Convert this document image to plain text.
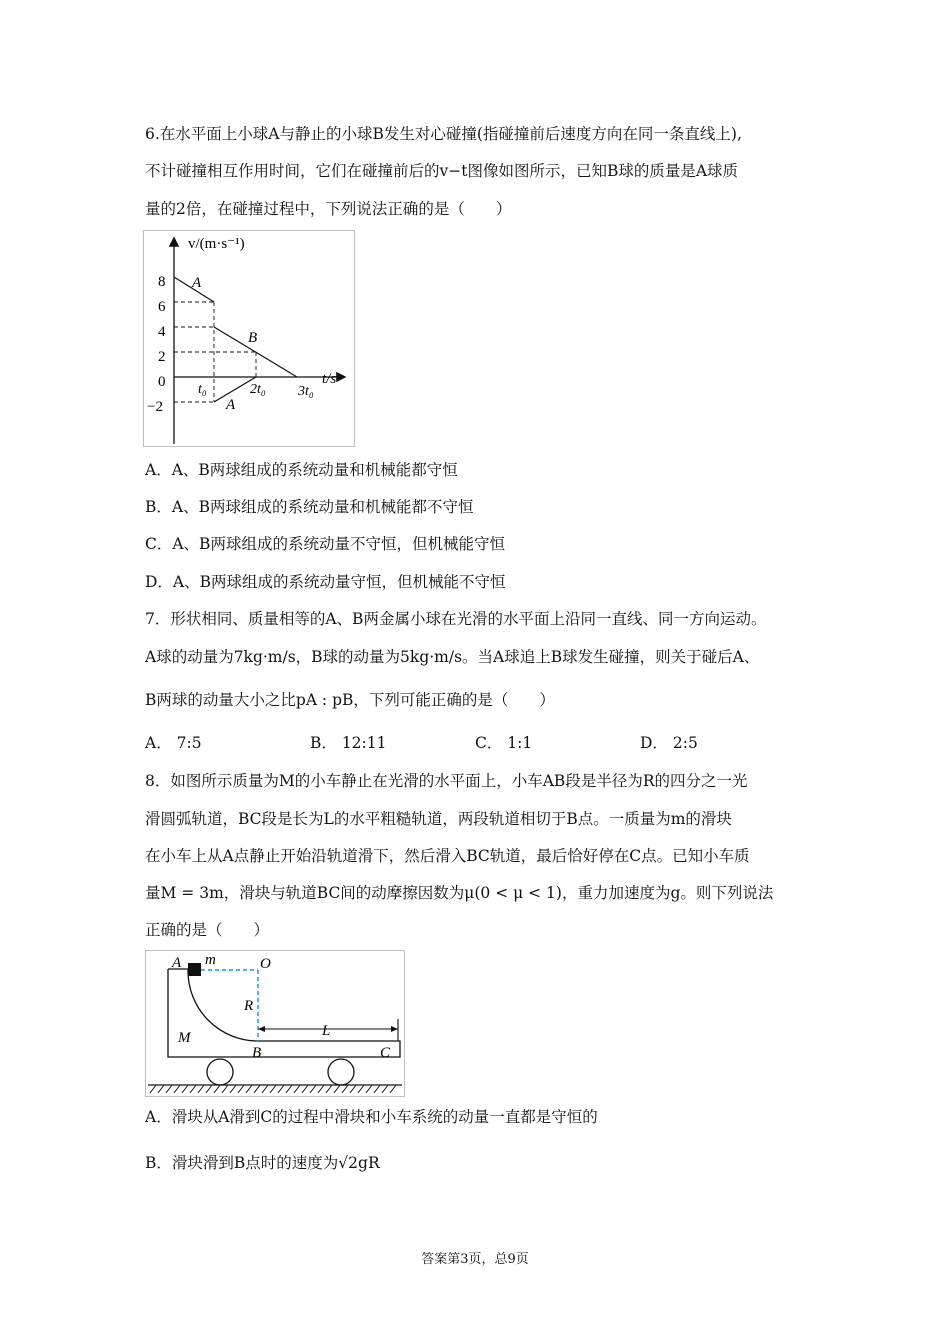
6.在水平面上小球A与静止的小球B发生对心碰撞(指碰撞前后速度方向在同一条直线上),
不计碰撞相互作用时间，它们在碰撞前后的v−t图像如图所示，已知B球的质量是A球质
量的2倍，在碰撞过程中，下列说法正确的是（　　）
v/(m·s⁻¹)
8
6
4
2
0
−2
t₀	2t₀ 3t₀
t/s
A
B
A
A．A、B两球组成的系统动量和机械能都守恒
B．A、B两球组成的系统动量和机械能都不守恒
C．A、B两球组成的系统动量不守恒，但机械能守恒
D．A、B两球组成的系统动量守恒，但机械能不守恒
7．形状相同、质量相等的A、B两金属小球在光滑的水平面上沿同一直线、同一方向运动。
A球的动量为7kg·m/s，B球的动量为5kg·m/s。当A球追上B球发生碰撞，则关于碰后A、
B两球的动量大小之比pA : pB，下列可能正确的是（　　）
A． 7:5	B． 12:11	C． 1:1	D． 2:5
8．如图所示质量为M的小车静止在光滑的水平面上，小车AB段是半径为R的四分之一光
滑圆弧轨道，BC段是长为L的水平粗糙轨道，两段轨道相切于B点。一质量为m的滑块
在小车上从A点静止开始沿轨道滑下，然后滑入BC轨道，最后恰好停在C点。已知小车质
量M = 3m，滑块与轨道BC间的动摩擦因数为μ(0 < μ < 1)，重力加速度为g。则下列说法
正确的是（　　）
A m	O
R
L
M
B	C
A．滑块从A滑到C的过程中滑块和小车系统的动量一直都是守恒的
B．滑块滑到B点时的速度为√2gR
答案第3页，总9页
